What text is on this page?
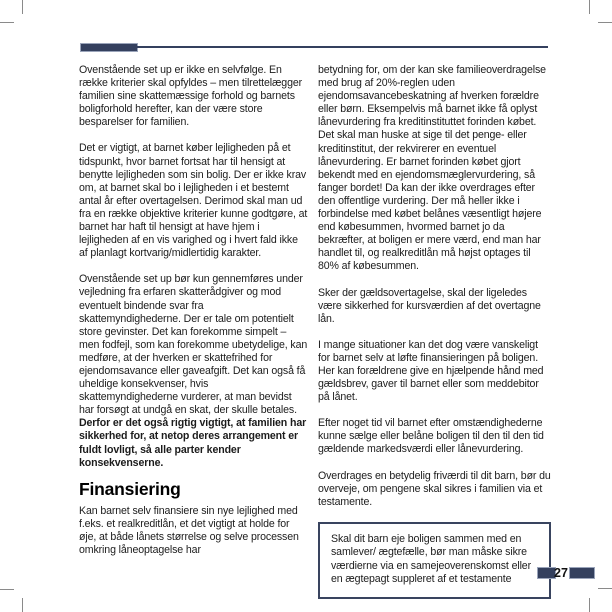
Ovenstående set up er ikke en selvfølge. En række kriterier skal opfyldes – men tilrettelægger familien sine skattemæssige forhold og barnets boligforhold herefter, kan der være store besparelser for familien.

Det er vigtigt, at barnet køber lejligheden på et tidspunkt, hvor barnet fortsat har til hensigt at benytte lejligheden som sin bolig. Der er ikke krav om, at barnet skal bo i lejligheden i et bestemt antal år efter overtagelsen. Derimod skal man ud fra en række objektive kriterier kunne godtgøre, at barnet har haft til hensigt at have hjem i lejligheden af en vis varighed og i hvert fald ikke af planlagt kortvarig/midlertidig karakter.

Ovenstående set up bør kun gennemføres under vejledning fra erfaren skatterådgiver og mod eventuelt bindende svar fra skattemyndighederne. Der er tale om potentielt store gevinster. Det kan forekomme simpelt – men fodfejl, som kan forekomme ubetydelige, kan medføre, at der hverken er skattefrihed for ejendomsavance eller gaveafgift. Det kan også få uheldige konsekvenser, hvis skattemyndighederne vurderer, at man bevidst har forsøgt at undgå en skat, der skulle betales. Derfor er det også rigtig vigtigt, at familien har sikkerhed for, at netop deres arrangement er fuldt lovligt, så alle parter kender konsekvenserne.

Finansiering

Kan barnet selv finansiere sin nye lejlighed med f.eks. et realkreditlån, et det vigtigt at holde for øje, at både lånets størrelse og selve processen omkring låneoptagelse har

betydning for, om der kan ske familieoverdragelse med brug af 20%-reglen uden ejendomsavancebeskatning af hverken forældre eller børn. Eksempelvis må barnet ikke få oplyst lånevurdering fra kreditinstituttet forinden købet. Det skal man huske at sige til det penge- eller kreditinstitut, der rekvirerer en eventuel lånevurdering. Er barnet forinden købet gjort bekendt med en ejendomsmæglervurdering, så fanger bordet! Da kan der ikke overdrages efter den offentlige vurdering. Der må heller ikke i forbindelse med købet belånes væsentligt højere end købesummen, hvormed barnet jo da bekræfter, at boligen er mere værd, end man har handlet til, og realkreditlån må højst optages til 80% af købesummen.

Sker der gældsovertagelse, skal der ligeledes være sikkerhed for kursværdien af det overtagne lån.

I mange situationer kan det dog være vanskeligt for barnet selv at løfte finansieringen på boligen. Her kan forældrene give en hjælpende hånd med gældsbrev, gaver til barnet eller som meddebitor på lånet.

Efter noget tid vil barnet efter omstændighederne kunne sælge eller belåne boligen til den til den tid gældende markedsværdi eller lånevurdering.

Overdrages en betydelig friværdi til dit barn, bør du overveje, om pengene skal sikres i familien via et testamente.

Skal dit barn eje boligen sammen med en samlever/ ægtefælle, bør man måske sikre værdierne via en samejeoverenskomst eller en ægtepagt suppleret af et testamente	27
